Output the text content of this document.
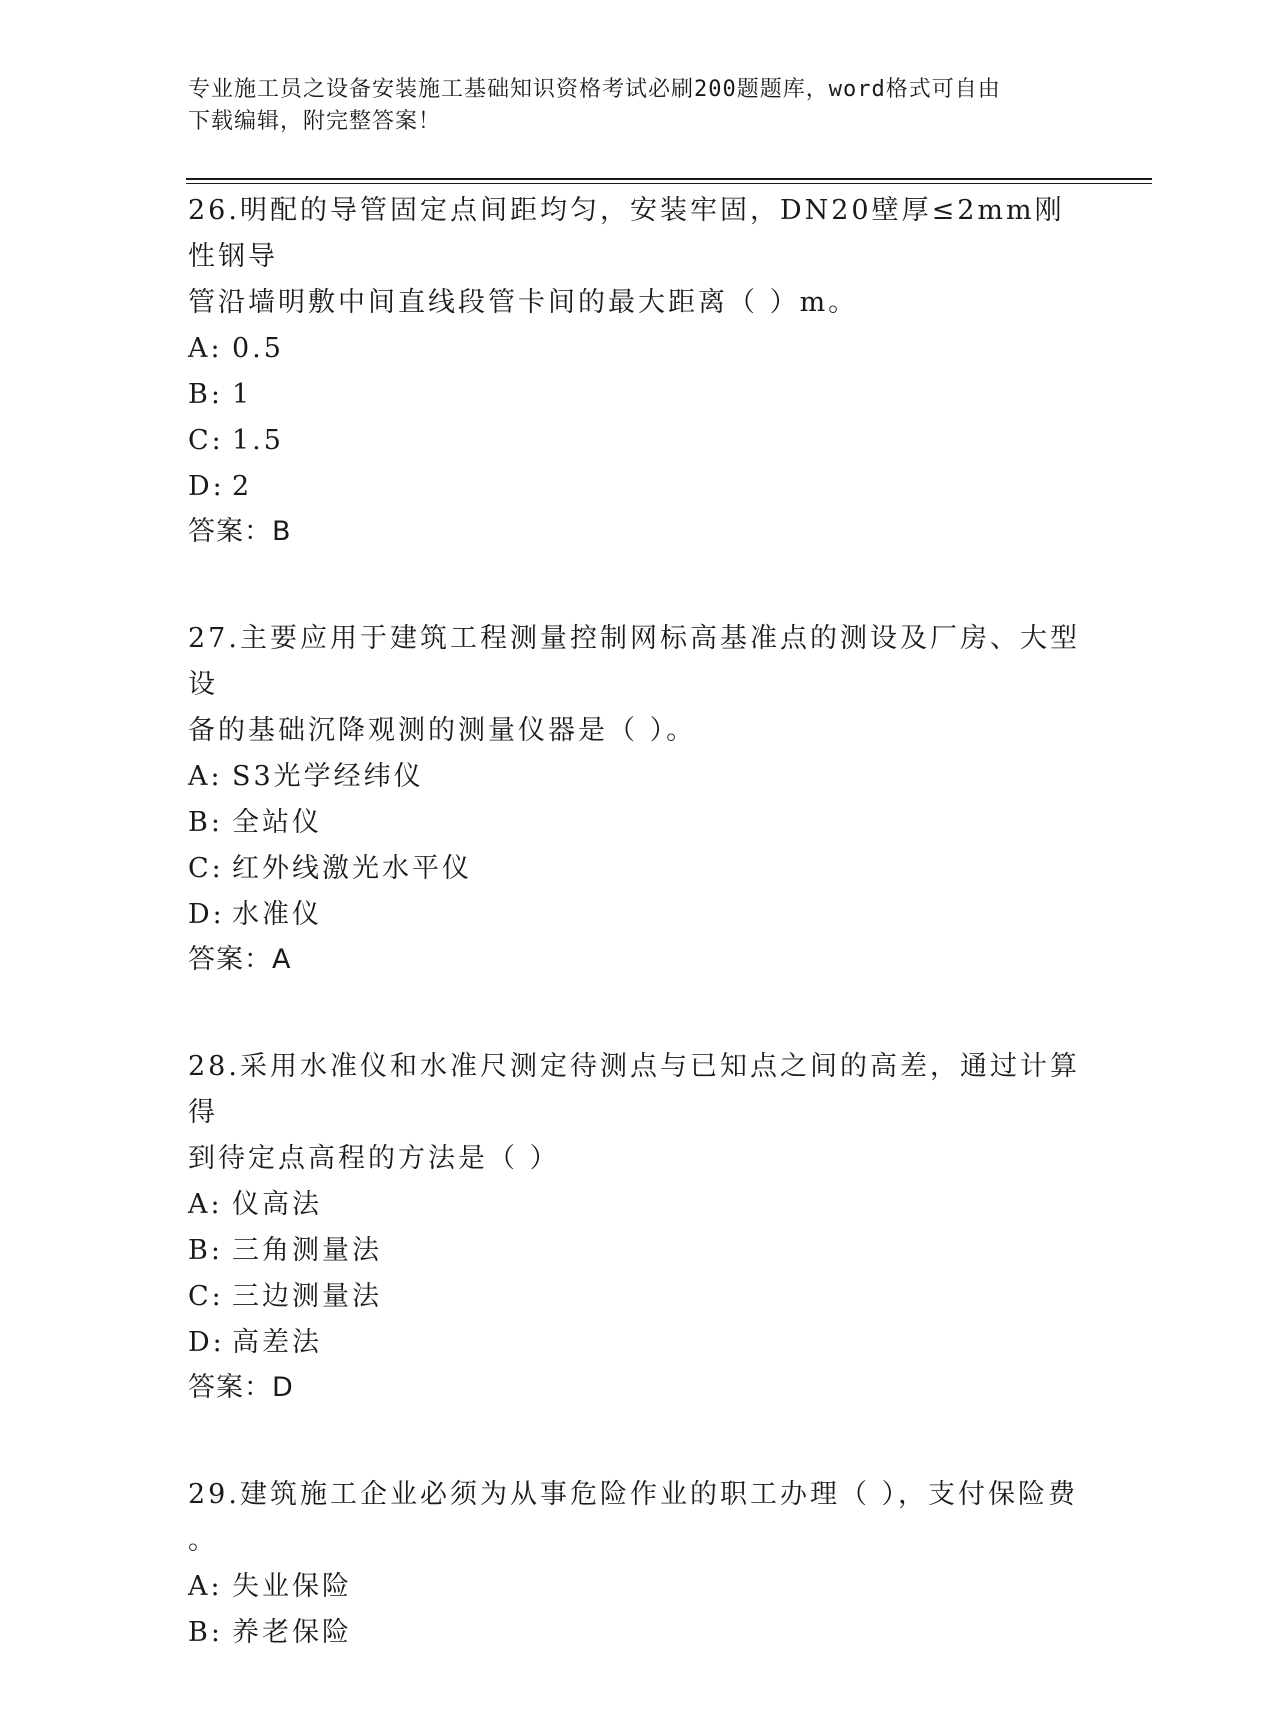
专业施工员之设备安装施工基础知识资格考试必刷200题题库，word格式可自由
下载编辑，附完整答案！
26.明配的导管固定点间距均匀，安装牢固，DN20壁厚≤2mm刚性钢导
管沿墙明敷中间直线段管卡间的最大距离（ ）m。
A: 0.5
B: 1
C: 1.5
D: 2
答案：B
27.主要应用于建筑工程测量控制网标高基准点的测设及厂房、大型设
备的基础沉降观测的测量仪器是（ ）。
A: S3光学经纬仪
B: 全站仪
C: 红外线激光水平仪
D: 水准仪
答案：A
28.采用水准仪和水准尺测定待测点与已知点之间的高差，通过计算得
到待定点高程的方法是（ ）
A: 仪高法
B: 三角测量法
C: 三边测量法
D: 高差法
答案：D
29.建筑施工企业必须为从事危险作业的职工办理（ ），支付保险费
。
A: 失业保险
B: 养老保险
